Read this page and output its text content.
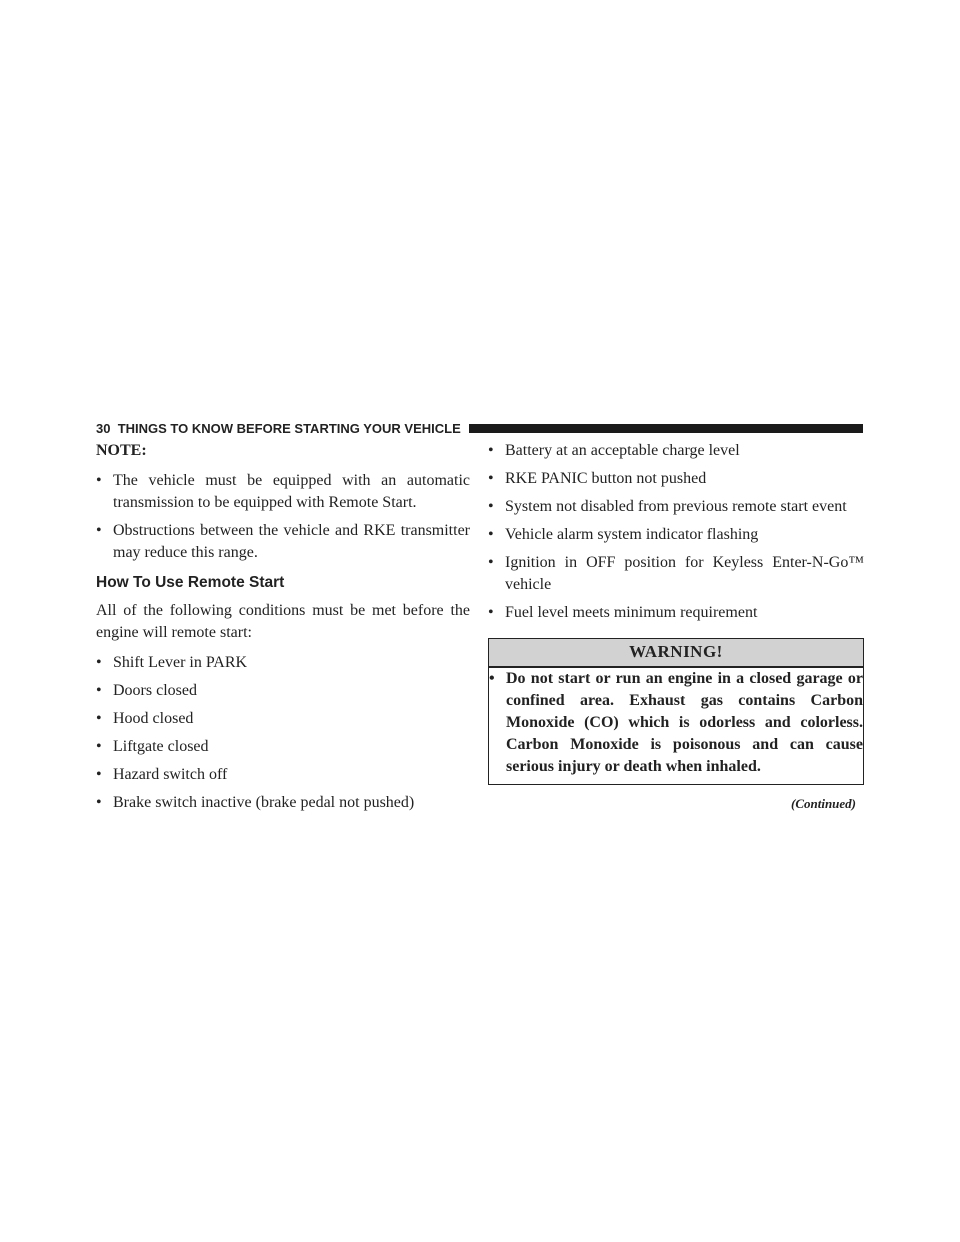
30 THINGS TO KNOW BEFORE STARTING YOUR VEHICLE
NOTE:
• The vehicle must be equipped with an automatic transmission to be equipped with Remote Start.
• Obstructions between the vehicle and RKE transmitter may reduce this range.
How To Use Remote Start

All of the following conditions must be met before the engine will remote start:

• Shift Lever in PARK
• Doors closed
• Hood closed
• Liftgate closed
• Hazard switch off
• Brake switch inactive (brake pedal not pushed)
• Battery at an acceptable charge level
• RKE PANIC button not pushed
• System not disabled from previous remote start event
• Vehicle alarm system indicator flashing
• Ignition in OFF position for Keyless Enter-N-Go™ vehicle
• Fuel level meets minimum requirement
WARNING!
• Do not start or run an engine in a closed garage or confined area. Exhaust gas contains Carbon Monoxide (CO) which is odorless and colorless. Carbon Monoxide is poisonous and can cause serious injury or death when inhaled.
(Continued)
